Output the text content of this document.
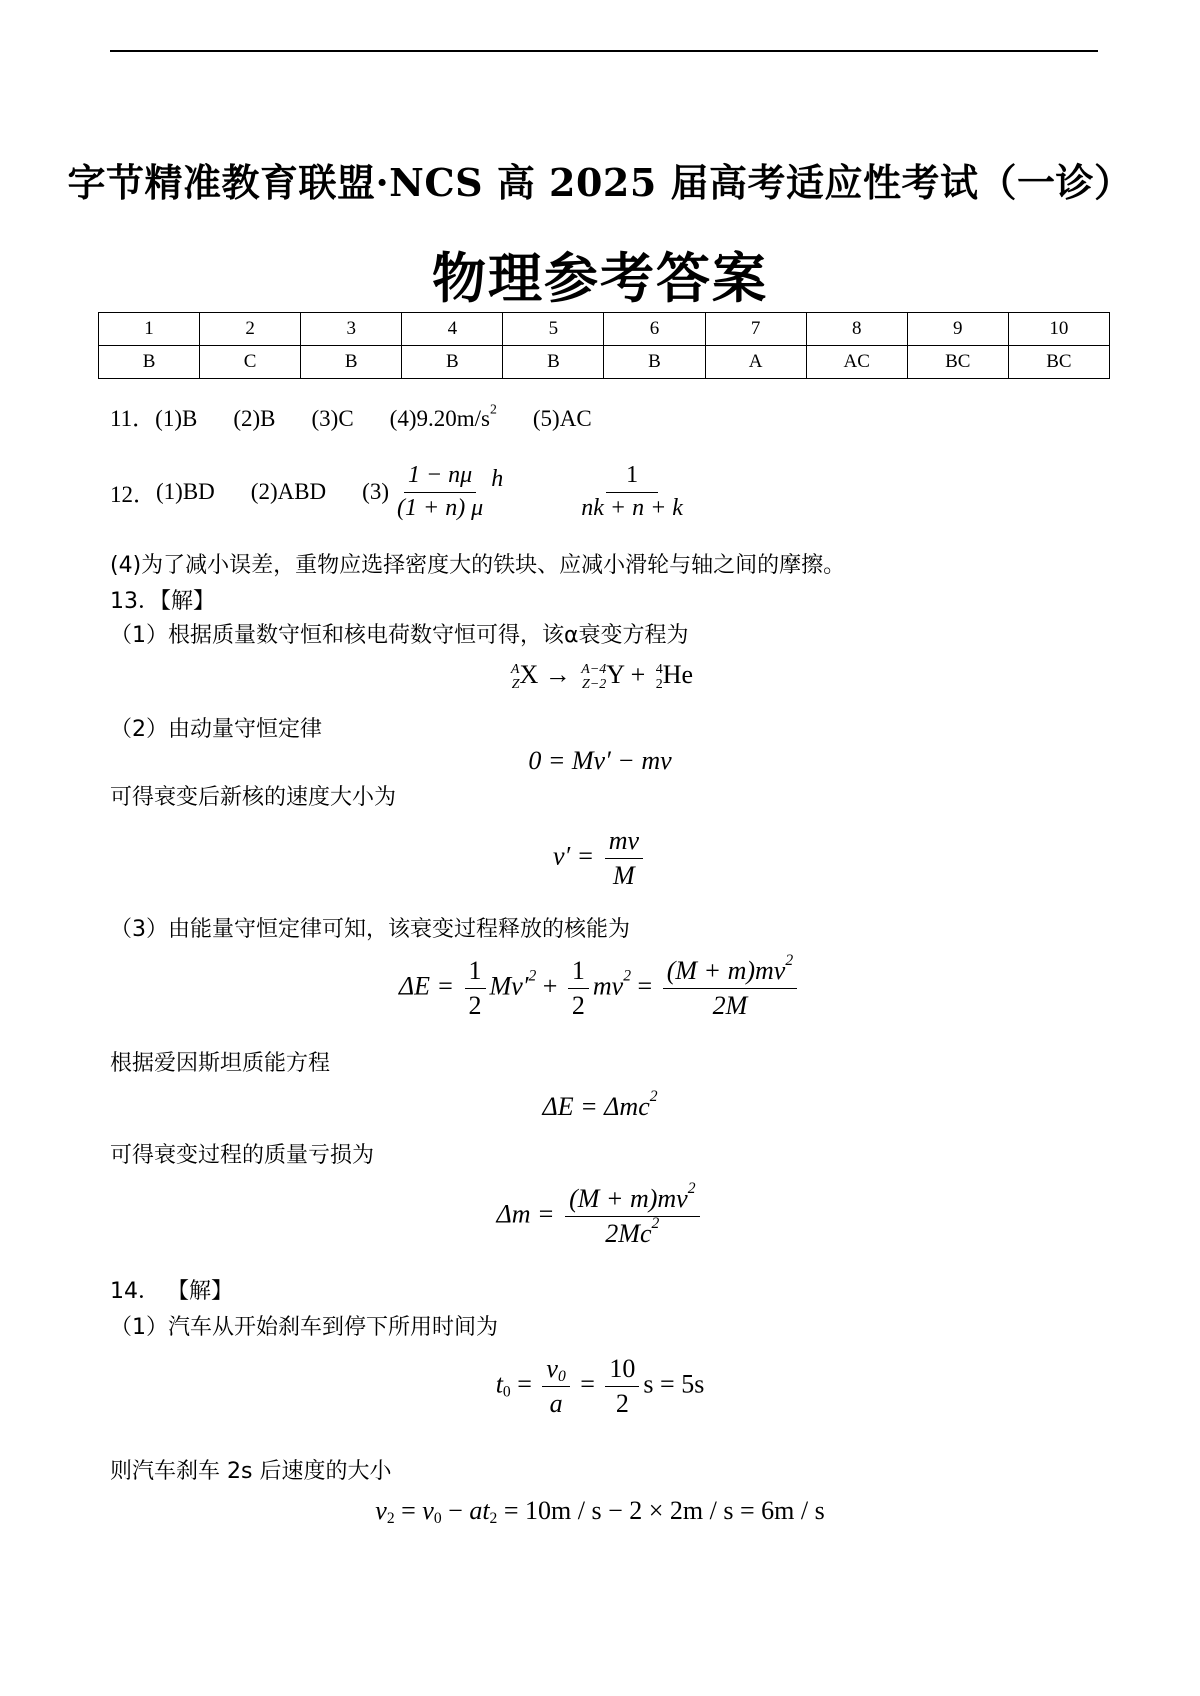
字节精准教育联盟·NCS 高 2025 届高考适应性考试（一诊）
物理参考答案
1	2	3	4	5	6	7	8	9	10
B	C	B	B	B	B	A	AC	BC	BC
11．(1)B (2)B (3)C $(4)9.20m/s^2$ (5)AC
12． (1)BD (2)ABD $(3) \frac{1 - n\mu}{(1 + n) \mu}$ h	$\frac{1}{nk + n + k}$
(4)为了减小误差，重物应选择密度大的铁块、应减小滑轮与轴之间的摩擦。
13．【解】
（1）根据质量数守恒和核电荷数守恒可得，该α衰变方程为
A
Z X → A−4
Z−2 Y + 4
2 He
（2）由动量守恒定律
0 = Mv′ − mv
可得衰变后新核的速度大小为
$v' = \frac{mv}{M}$
（3）由能量守恒定律可知，该衰变过程释放的核能为
$\Delta E = \frac{1}{2} Mv'^2 + \frac{1}{2} mv^2 = \frac{(M + m)mv^2}{2M}$
根据爱因斯坦质能方程
ΔE = Δmc$^2$
可得衰变过程的质量亏损为
$\Delta m = \frac{(M + m)mv^2}{2Mc^2}$
14． 【解】
（1）汽车从开始刹车到停下所用时间为
$t_0 = \frac{v_0}{a} = \frac{10}{2}$ s = 5s
则汽车刹车 2s 后速度的大小
$v_2 = v_0 - at_2 = 10m / s - 2 \times 2m / s = 6m / s$
